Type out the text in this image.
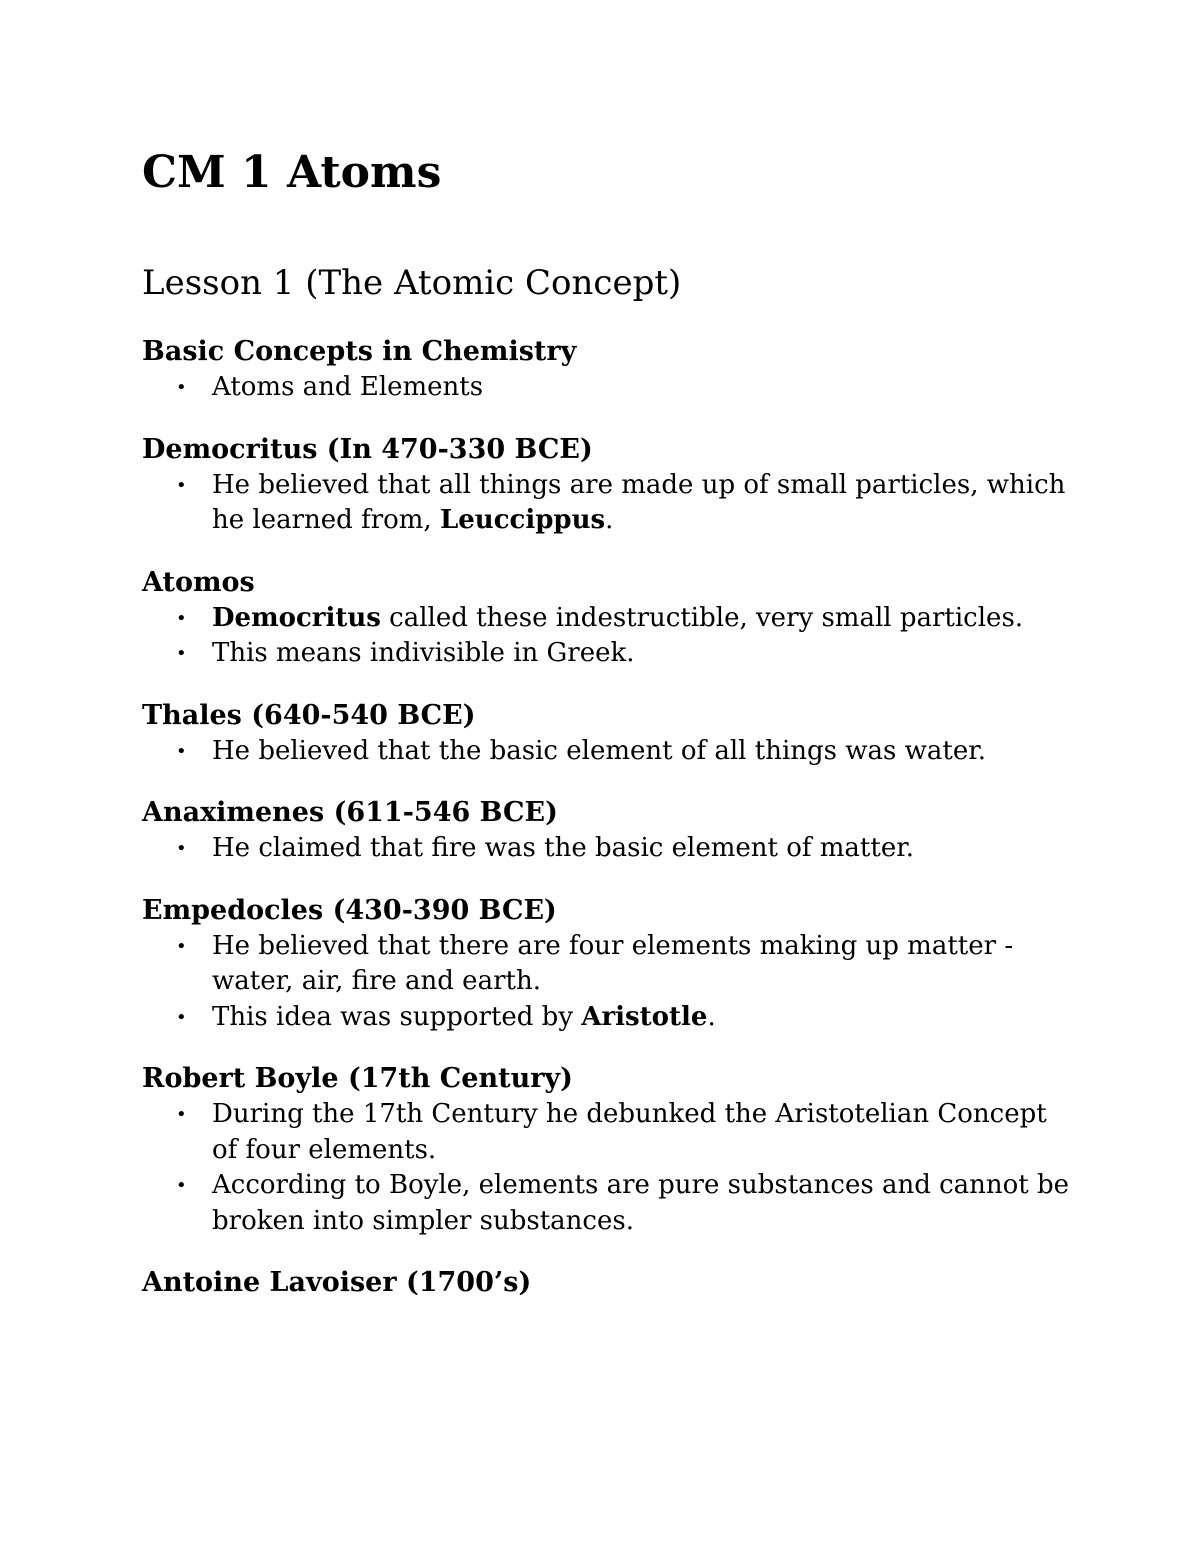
CM 1 Atoms
Lesson 1 (The Atomic Concept)
Basic Concepts in Chemistry
• Atoms and Elements
Democritus (In 470-330 BCE)
• He believed that all things are made up of small particles, which he learned from, Leuccippus.
Atomos
• Democritus called these indestructible, very small particles.
• This means indivisible in Greek.
Thales (640-540 BCE)
• He believed that the basic element of all things was water.
Anaximenes (611-546 BCE)
• He claimed that fire was the basic element of matter.
Empedocles (430-390 BCE)
• He believed that there are four elements making up matter - water, air, fire and earth.
• This idea was supported by Aristotle.
Robert Boyle (17th Century)
• During the 17th Century he debunked the Aristotelian Concept of four elements.
• According to Boyle, elements are pure substances and cannot be broken into simpler substances.
Antoine Lavoiser (1700’s)
